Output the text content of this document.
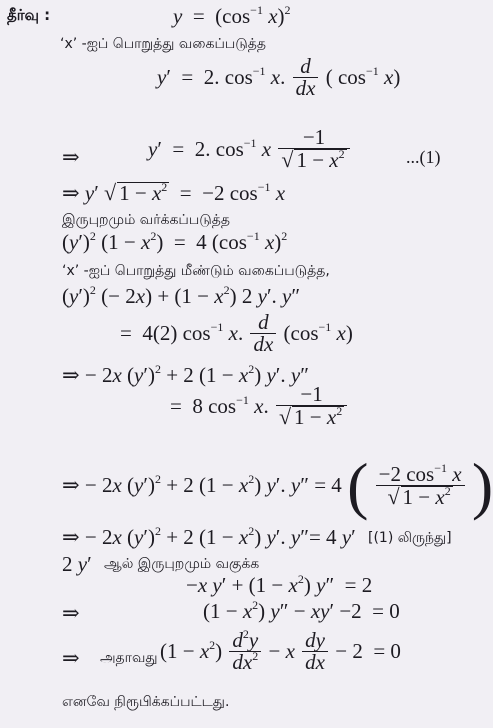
தீர்வு :	$y = (\cos^{-1}$ x)$^2$
‘x’ -ஐப் பொறுத்து வகைப்படுத்த
y′  =  2. $\cos^{-1} x$. $\frac{d}{dx}$ ( $\cos^{-1} x$)
⇒	y′  =  2. $\cos^{-1} x \frac{-1}{√ 1 - x^2}$	...(1)
⇒ y′ √ $1 - x^2 = -2$ $\cos^{-1} x$
இருபுறமும் வர்க்கப்படுத்த
$(y')^2$ $(1 - x^2) = 4$ ($\cos^{-1}$ x)$^2$
‘x’ -ஐப் பொறுத்து மீண்டும் வகைப்படுத்த,
$(y')^2$ (− $2x) + (1 - x^2)$ 2 y′. y″
=  4(2) $\cos^{-1} x$. $\frac{d}{dx} (\cos^{-1}$ x)
⇒ − 2x $(y')^2 + 2$ $(1 - x^2)$ y′. y″
=  8 $\cos^{-1} x$. $\frac{-1}{√ 1 - x^2}$
⇒ − 2x $(y')^2 + 2$ $(1 - x^2)$ y′. y″ = 4 ( $\frac{-2 \cos^{-1} x}{√ 1 - x^2}$ )
⇒ − 2x $(y')^2 + 2$ $(1 - x^2)$ y′. y″= 4 y′ [(1) லிருந்து]
2 y′ ஆல் இருபுறமும் வகுக்க
−x $y' + (1 - x^2)$ y″  = 2
⇒	$(1 - x^2)$ y″ − xy′ −2  = 0
⇒ அதாவது $(1 - x^2) \frac{d^2y}{dx^2} - x \frac{dy}{dx} - 2 = 0$
எனவே நிரூபிக்கப்பட்டது.
